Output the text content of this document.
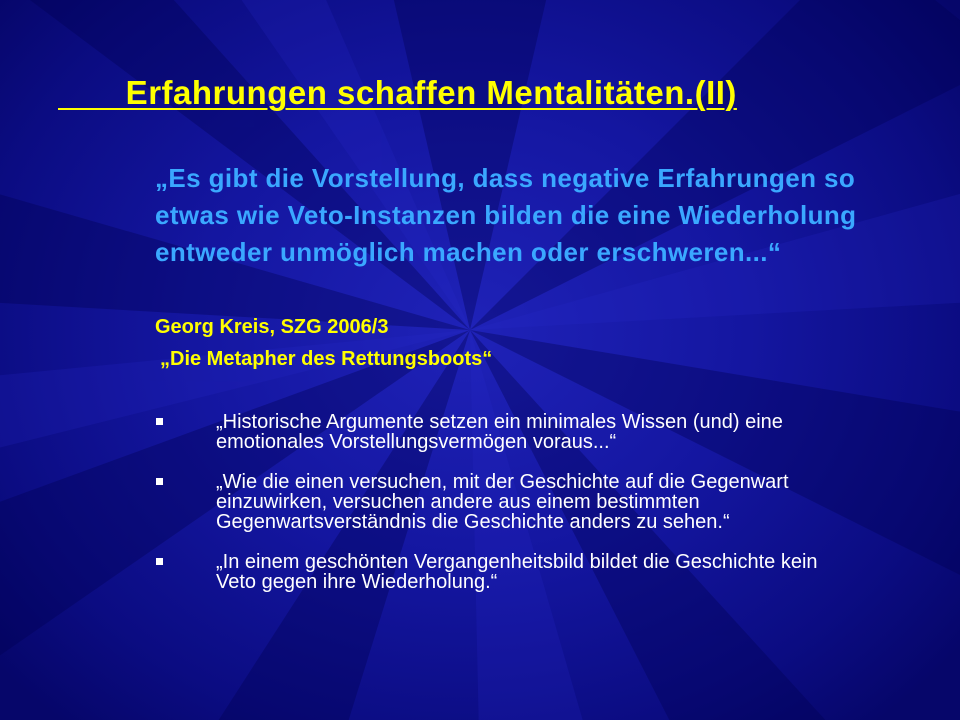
Erfahrungen schaffen Mentalitäten.(II)
„Es gibt die Vorstellung, dass negative Erfahrungen so etwas wie Veto-Instanzen bilden die eine Wiederholung entweder unmöglich machen oder erschweren...“
Georg Kreis, SZG 2006/3
„Die Metapher des Rettungsboots“
„Historische Argumente setzen ein minimales Wissen (und) eine emotionales Vorstellungsvermögen voraus...“
„Wie die einen versuchen, mit der Geschichte auf die Gegenwart einzuwirken, versuchen andere aus einem bestimmten Gegenwartsverständnis die Geschichte anders zu sehen.“
„In einem geschönten Vergangenheitsbild bildet die Geschichte kein Veto gegen ihre Wiederholung.“
